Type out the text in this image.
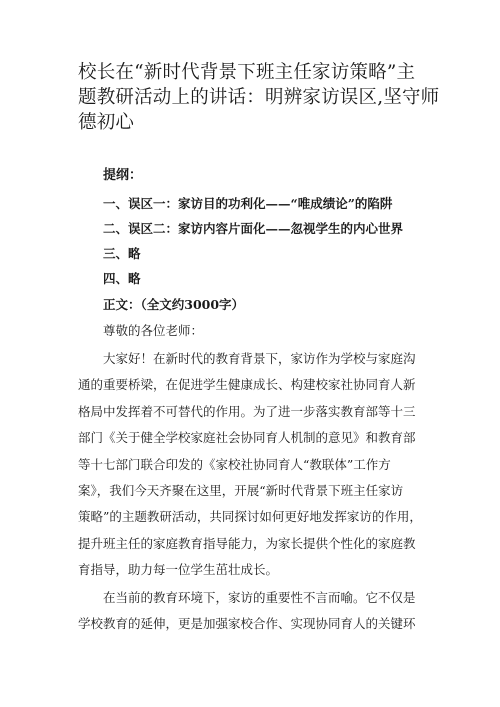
校长在“新时代背景下班主任家访策略”主
题教研活动上的讲话：明辨家访误区,坚守师
德初心
提纲：
一、误区一：家访目的功利化——“唯成绩论”的陷阱
二、误区二：家访内容片面化——忽视学生的内心世界
三、略
四、略
正文：（全文约3000字）
尊敬的各位老师：
大家好！在新时代的教育背景下，家访作为学校与家庭沟
通的重要桥梁，在促进学生健康成长、构建校家社协同育人新
格局中发挥着不可替代的作用。为了进一步落实教育部等十三
部门《关于健全学校家庭社会协同育人机制的意见》和教育部
等十七部门联合印发的《家校社协同育人“教联体”工作方
案》，我们今天齐聚在这里，开展“新时代背景下班主任家访
策略”的主题教研活动，共同探讨如何更好地发挥家访的作用，
提升班主任的家庭教育指导能力，为家长提供个性化的家庭教
育指导，助力每一位学生茁壮成长。
在当前的教育环境下，家访的重要性不言而喻。它不仅是
学校教育的延伸，更是加强家校合作、实现协同育人的关键环
